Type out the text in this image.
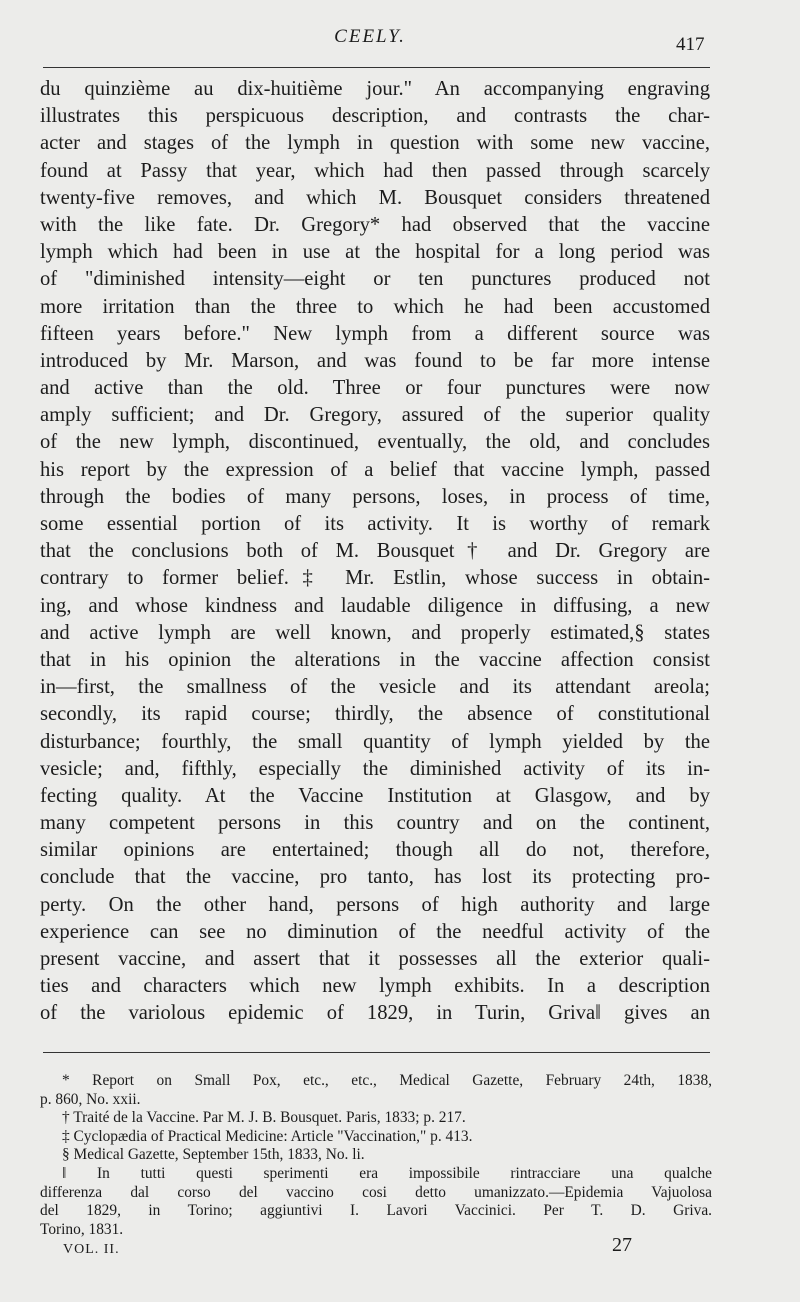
CEELY.	417
du quinzième au dix-huitième jour." An accompanying engraving
illustrates this perspicuous description, and contrasts the char-
acter and stages of the lymph in question with some new vaccine,
found at Passy that year, which had then passed through scarcely
twenty-five removes, and which M. Bousquet considers threatened
with the like fate. Dr. Gregory* had observed that the vaccine
lymph which had been in use at the hospital for a long period was
of "diminished intensity—eight or ten punctures produced not
more irritation than the three to which he had been accustomed
fifteen years before." New lymph from a different source was
introduced by Mr. Marson, and was found to be far more intense
and active than the old. Three or four punctures were now
amply sufficient; and Dr. Gregory, assured of the superior quality
of the new lymph, discontinued, eventually, the old, and concludes
his report by the expression of a belief that vaccine lymph, passed
through the bodies of many persons, loses, in process of time,
some essential portion of its activity. It is worthy of remark
that the conclusions both of M. Bousquet† and Dr. Gregory are
contrary to former belief.‡ Mr. Estlin, whose success in obtain-
ing, and whose kindness and laudable diligence in diffusing, a new
and active lymph are well known, and properly estimated,§ states
that in his opinion the alterations in the vaccine affection consist
in—first, the smallness of the vesicle and its attendant areola;
secondly, its rapid course; thirdly, the absence of constitutional
disturbance; fourthly, the small quantity of lymph yielded by the
vesicle; and, fifthly, especially the diminished activity of its in-
fecting quality. At the Vaccine Institution at Glasgow, and by
many competent persons in this country and on the continent,
similar opinions are entertained; though all do not, therefore,
conclude that the vaccine, pro tanto, has lost its protecting pro-
perty. On the other hand, persons of high authority and large
experience can see no diminution of the needful activity of the
present vaccine, and assert that it possesses all the exterior quali-
ties and characters which new lymph exhibits. In a description
of the variolous epidemic of 1829, in Turin, Griva‖ gives an
* Report on Small Pox, etc., etc., Medical Gazette, February 24th, 1838,
p. 860, No. xxii.
† Traité de la Vaccine. Par M. J. B. Bousquet. Paris, 1833; p. 217.
‡ Cyclopædia of Practical Medicine: Article "Vaccination," p. 413.
§ Medical Gazette, September 15th, 1833, No. li.
‖ In tutti questi sperimenti era impossibile rintracciare una qualche
differenza dal corso del vaccino cosi detto umanizzato.—Epidemia Vajuolosa
del 1829, in Torino; aggiuntivi I. Lavori Vaccinici. Per T. D. Griva.
Torino, 1831.
VOL. II.	27
